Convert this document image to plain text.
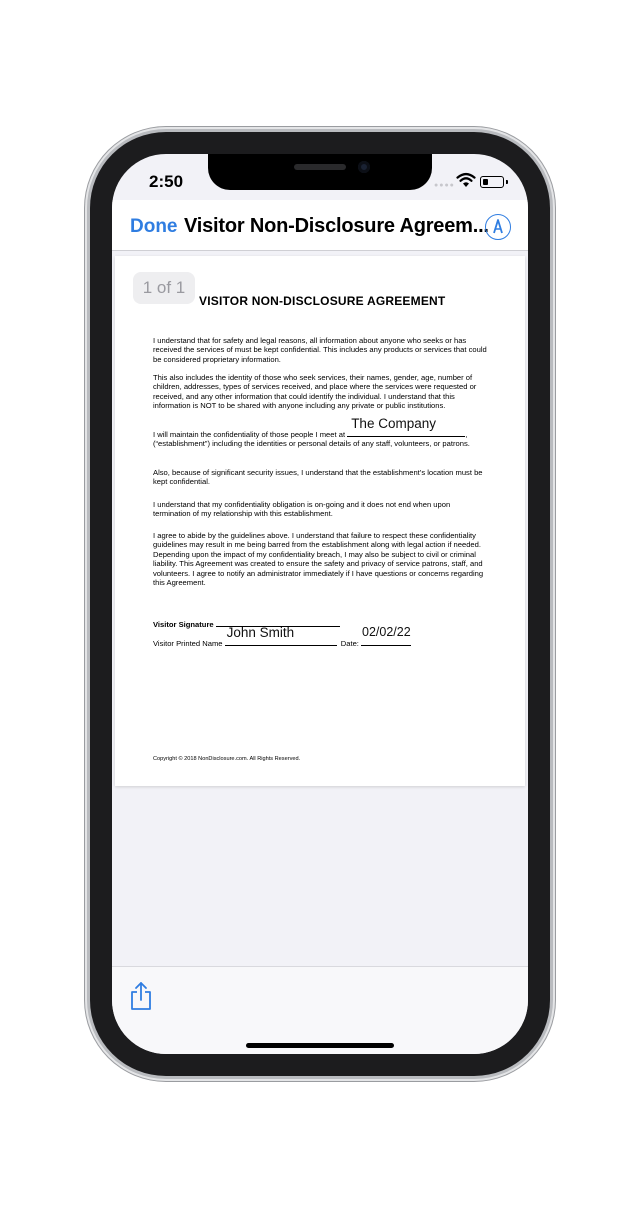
2:50	●●●●
Done Visitor Non-Disclosure Agreem...
1 of 1
VISITOR NON-DISCLOSURE AGREEMENT
I understand that for safety and legal reasons, all information about anyone who seeks or has received the services of must be kept confidential. This includes any products or services that could be considered proprietary information.
This also includes the identity of those who seek services, their names, gender, age, number of children, addresses, types of services received, and place where the services were requested or received, and any other information that could identify the individual. I understand that this information is NOT to be shared with anyone including any private or public institutions.
I will maintain the confidentiality of those people I meet at
The Company
, (“establishment”) including the identities or personal details of any staff, volunteers, or patrons.
Also, because of significant security issues, I understand that the establishment’s location must be kept confidential.
I understand that my confidentiality obligation is on-going and it does not end when upon termination of my relationship with this establishment.
I agree to abide by the guidelines above. I understand that failure to respect these confidentiality guidelines may result in me being barred from the establishment along with legal action if needed. Depending upon the impact of my confidentiality breach, I may also be subject to civil or criminal liability. This Agreement was created to ensure the safety and privacy of service patrons, staff, and volunteers. I agree to notify an administrator immediately if I have questions or concerns regarding this Agreement.
Visitor Signature
Visitor Printed Name
John Smith
Date:
02/02/22
Copyright © 2018 NonDisclosure.com. All Rights Reserved.
